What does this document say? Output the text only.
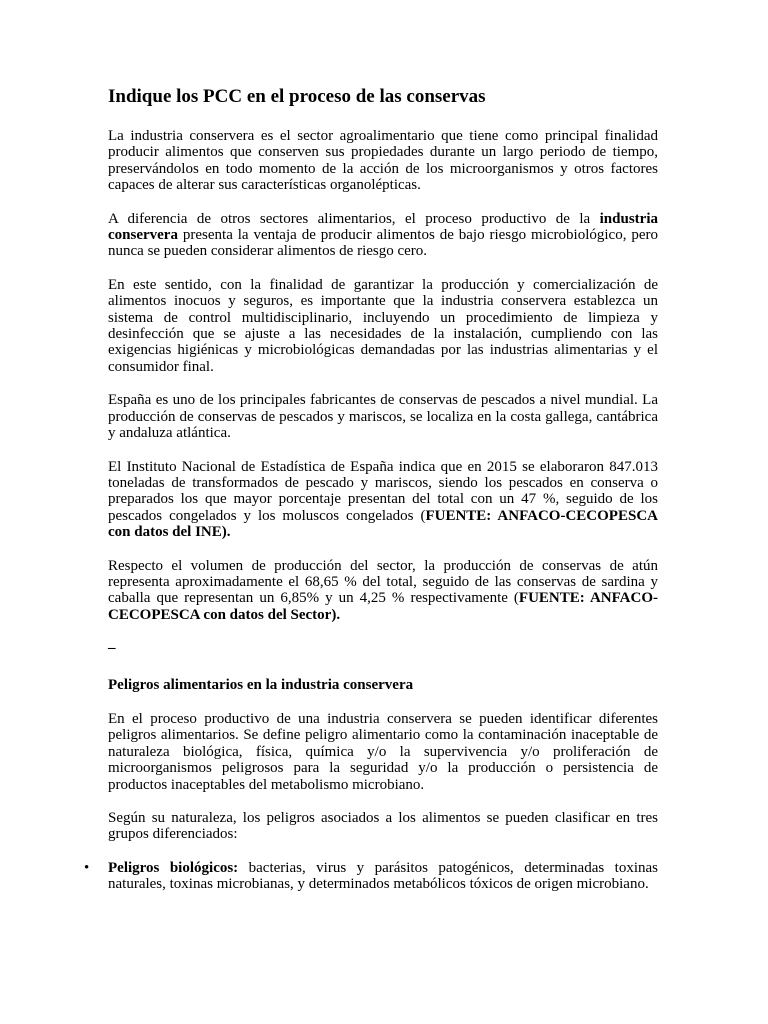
Indique los PCC en el proceso de las conservas

La industria conservera es el sector agroalimentario que tiene como principal finalidad producir alimentos que conserven sus propiedades durante un largo periodo de tiempo, preservándolos en todo momento de la acción de los microorganismos y otros factores capaces de alterar sus características organolépticas.

A diferencia de otros sectores alimentarios, el proceso productivo de la industria conservera presenta la ventaja de producir alimentos de bajo riesgo microbiológico, pero nunca se pueden considerar alimentos de riesgo cero.

En este sentido, con la finalidad de garantizar la producción y comercialización de alimentos inocuos y seguros, es importante que la industria conservera establezca un sistema de control multidisciplinario, incluyendo un procedimiento de limpieza y desinfección que se ajuste a las necesidades de la instalación, cumpliendo con las exigencias higiénicas y microbiológicas demandadas por las industrias alimentarias y el consumidor final.

España es uno de los principales fabricantes de conservas de pescados a nivel mundial. La producción de conservas de pescados y mariscos, se localiza en la costa gallega, cantábrica y andaluza atlántica.

El Instituto Nacional de Estadística de España indica que en 2015 se elaboraron 847.013 toneladas de transformados de pescado y mariscos, siendo los pescados en conserva o preparados los que mayor porcentaje presentan del total con un 47 %, seguido de los pescados congelados y los moluscos congelados (FUENTE: ANFACO-CECOPESCA con datos del INE).

Respecto el volumen de producción del sector, la producción de conservas de atún representa aproximadamente el 68,65 % del total, seguido de las conservas de sardina y caballa que representan un 6,85% y un 4,25 % respectivamente (FUENTE: ANFACO-CECOPESCA con datos del Sector).

–

Peligros alimentarios en la industria conservera

En el proceso productivo de una industria conservera se pueden identificar diferentes peligros alimentarios. Se define peligro alimentario como la contaminación inaceptable de naturaleza biológica, física, química y/o la supervivencia y/o proliferación de microorganismos peligrosos para la seguridad y/o la producción o persistencia de productos inaceptables del metabolismo microbiano.

Según su naturaleza, los peligros asociados a los alimentos se pueden clasificar en tres grupos diferenciados:

• Peligros biológicos: bacterias, virus y parásitos patogénicos, determinadas toxinas naturales, toxinas microbianas, y determinados metabólicos tóxicos de origen microbiano.
